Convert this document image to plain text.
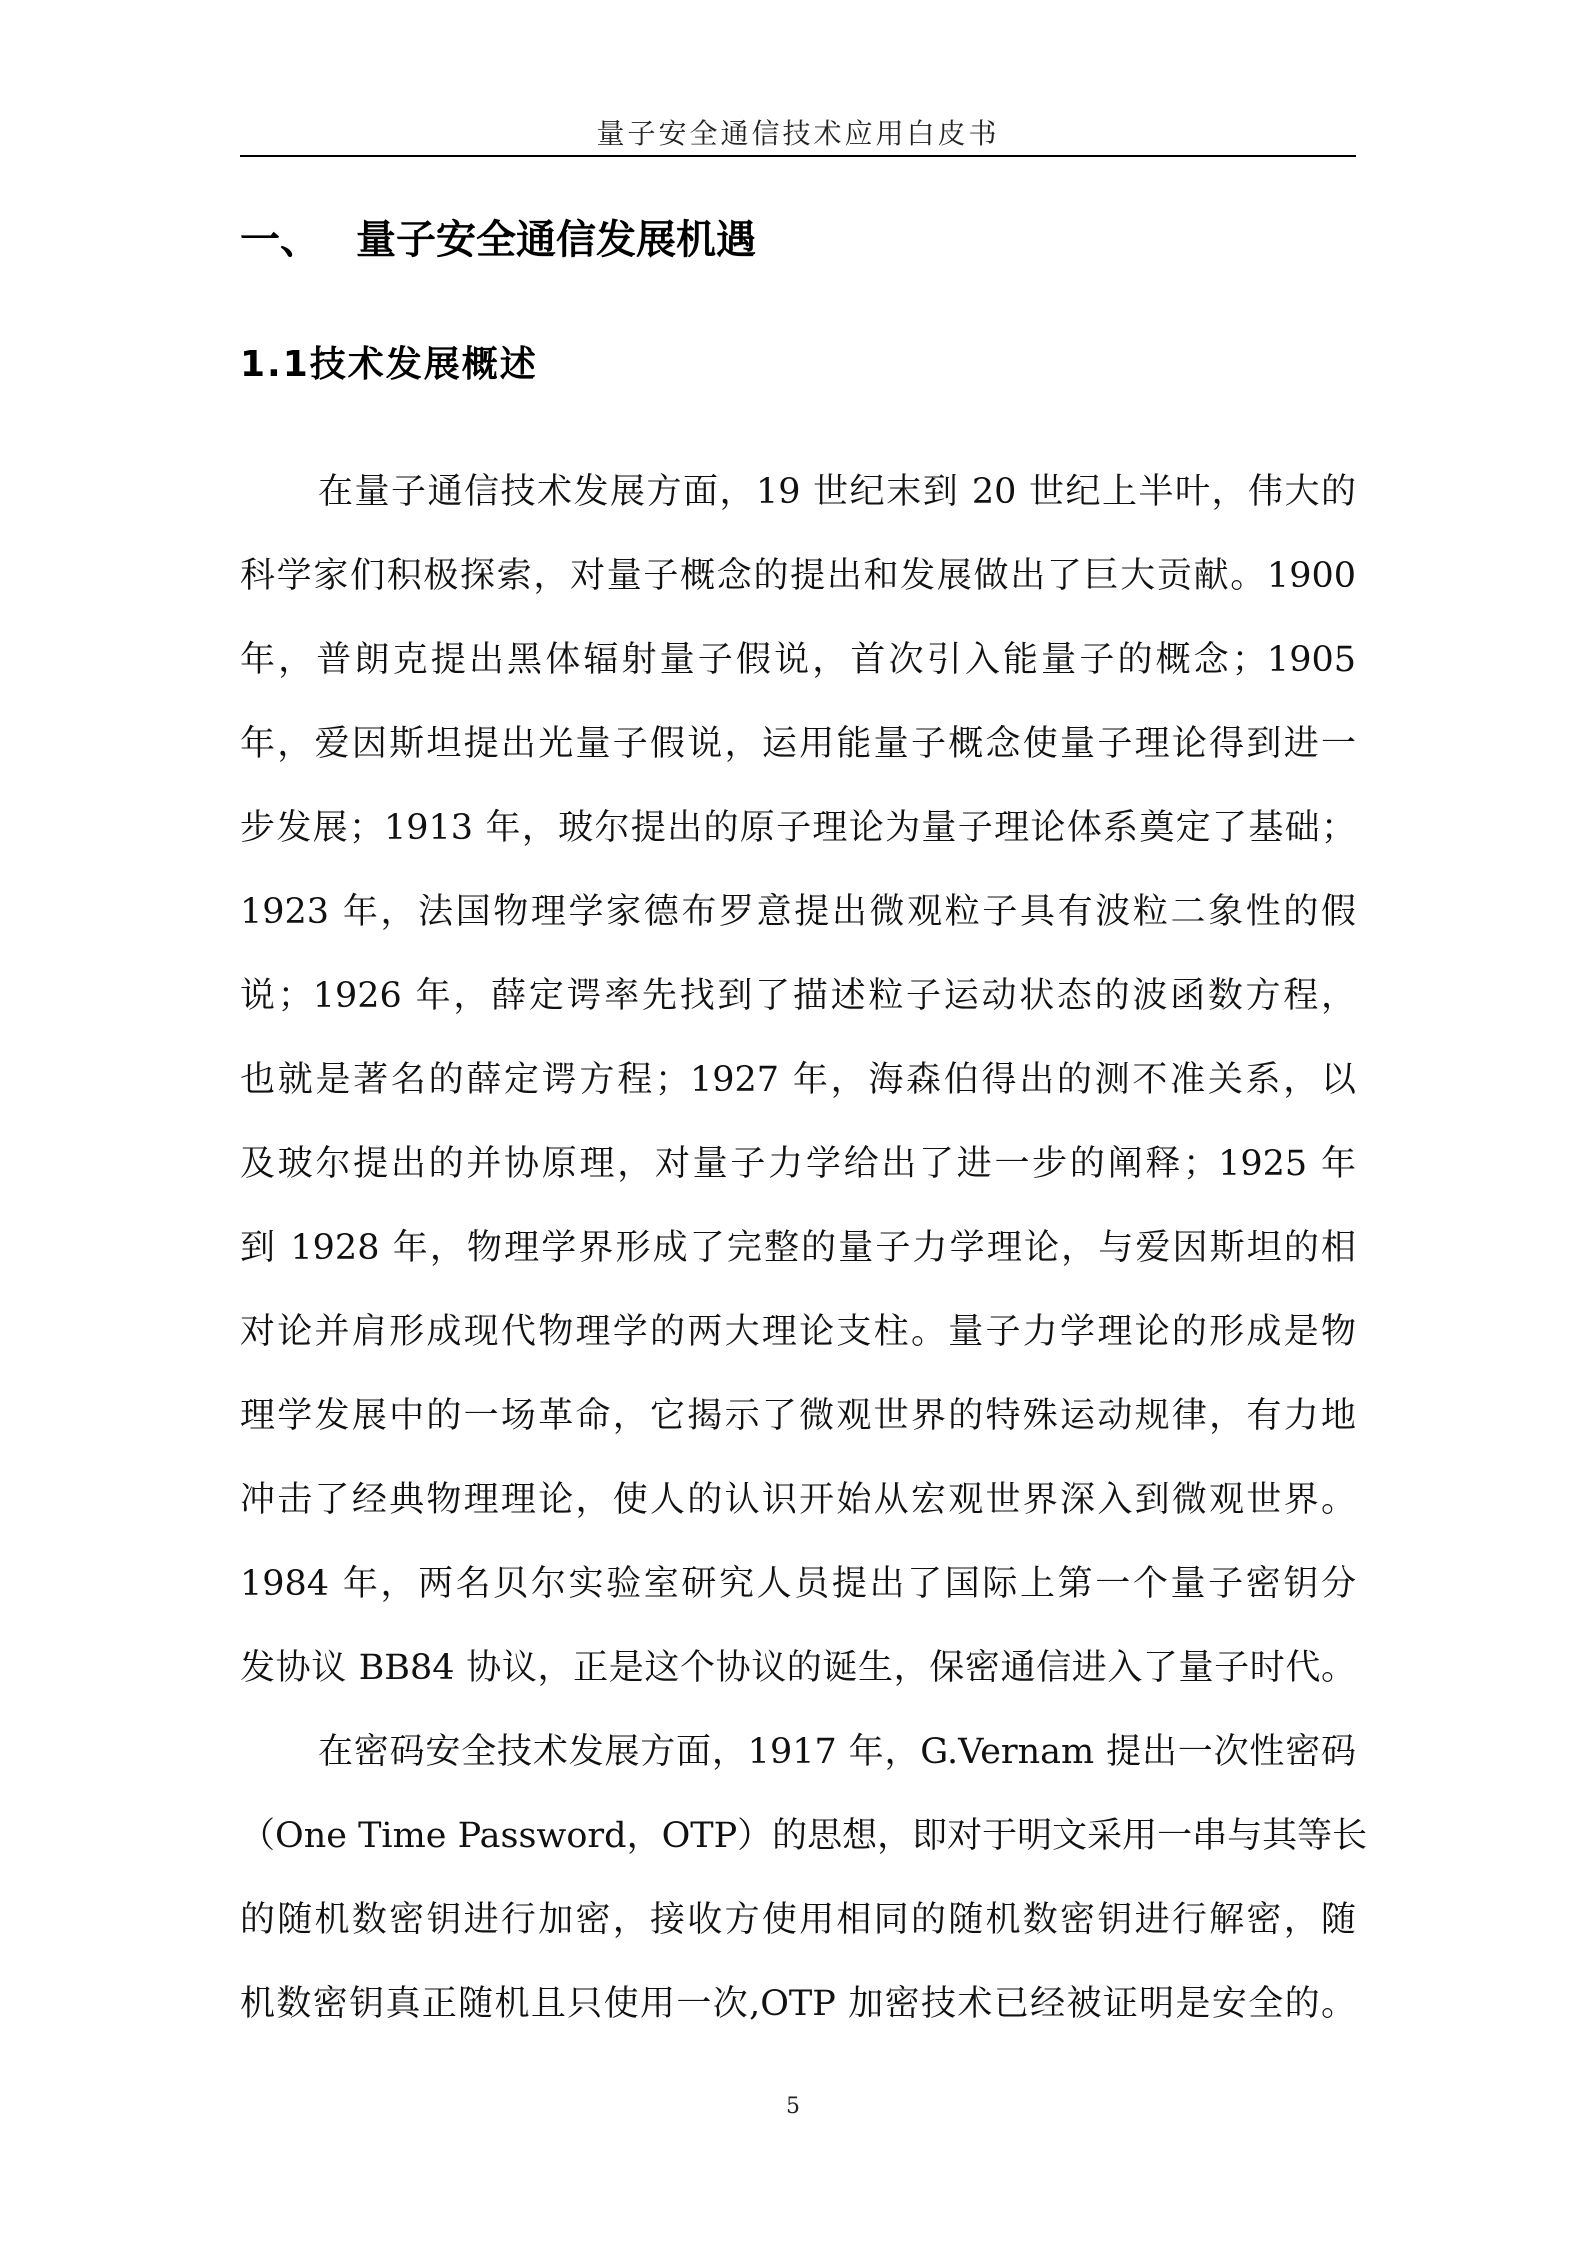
量子安全通信技术应用白皮书
一、 量子安全通信发展机遇
1.1技术发展概述
在量子通信技术发展方面，19 世纪末到 20 世纪上半叶，伟大的
科学家们积极探索，对量子概念的提出和发展做出了巨大贡献。1900
年，普朗克提出黑体辐射量子假说，首次引入能量子的概念；1905
年，爱因斯坦提出光量子假说，运用能量子概念使量子理论得到进一
步发展；1913 年，玻尔提出的原子理论为量子理论体系奠定了基础；
1923 年，法国物理学家德布罗意提出微观粒子具有波粒二象性的假
说；1926 年，薛定谔率先找到了描述粒子运动状态的波函数方程，
也就是著名的薛定谔方程；1927 年，海森伯得出的测不准关系，以
及玻尔提出的并协原理，对量子力学给出了进一步的阐释；1925 年
到 1928 年，物理学界形成了完整的量子力学理论，与爱因斯坦的相
对论并肩形成现代物理学的两大理论支柱。量子力学理论的形成是物
理学发展中的一场革命，它揭示了微观世界的特殊运动规律，有力地
冲击了经典物理理论，使人的认识开始从宏观世界深入到微观世界。
1984 年，两名贝尔实验室研究人员提出了国际上第一个量子密钥分
发协议 BB84 协议，正是这个协议的诞生，保密通信进入了量子时代。
在密码安全技术发展方面，1917 年，G.Vernam 提出一次性密码
（One Time Password，OTP）的思想，即对于明文采用一串与其等长
的随机数密钥进行加密，接收方使用相同的随机数密钥进行解密，随
机数密钥真正随机且只使用一次,OTP 加密技术已经被证明是安全的。
5
